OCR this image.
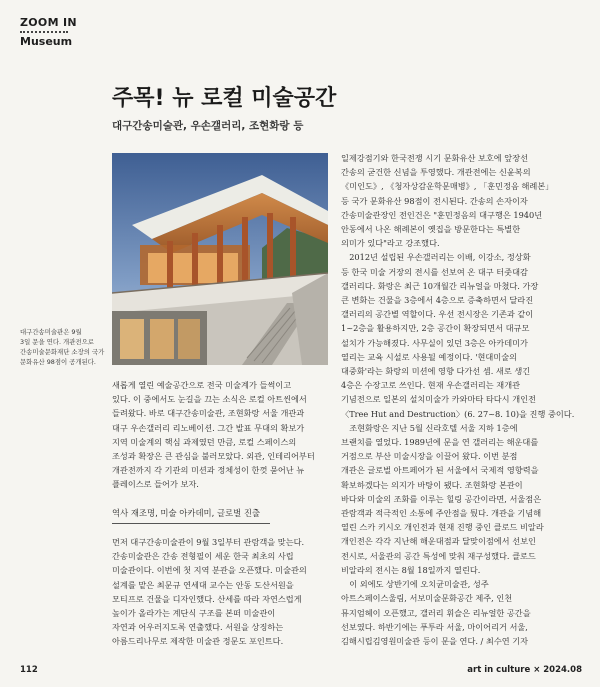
ZOOM IN
Museum
주목! 뉴 로컬 미술공간
대구간송미술관, 우손갤러리, 조현화랑 등
대구간송미술관은 9월
3일 문을 연다. 개관전으로
간송미술문화재단 소장의 국가
문화유산 98점이 공개된다.
새롭게 열린 예술공간으로 전국 미술계가 들썩이고
있다. 이 중에서도 눈길을 끄는 소식은 로컬 아트씬에서
들려왔다. 바로 대구간송미술관, 조현화랑 서울 개관과
대구 우손갤러리 리노베이션. 그간 발표 무대의 확보가
지역 미술계의 핵심 과제였던 만큼, 로컬 스페이스의
조성과 확장은 큰 관심을 불러모았다. 외관, 인테리어부터
개관전까지 각 기관의 미션과 정체성이 한껏 묻어난 뉴
플레이스로 들어가 보자.
역사 재조명, 미술 아카데미, 글로벌 진출
먼저 대구간송미술관이 9월 3일부터 관람객을 맞는다.
간송미술관은 간송 전형필이 세운 한국 최초의 사립
미술관이다. 이번에 첫 지역 분관을 오픈했다. 미술관의
설계를 맡은 최문규 연세대 교수는 안동 도산서원을
모티프로 건물을 디자인했다. 산세를 따라 자연스럽게
높이가 올라가는 계단식 구조를 본떠 미술관이
자연과 어우러지도록 연출했다. 서원을 상징하는
아름드리나무로 제작한 미술관 정문도 포인트다.
일제강점기와 한국전쟁 시기 문화유산 보호에 앞장선
간송의 굳건한 신념을 투영했다. 개관전에는 신윤복의
《미인도》, 《청자상감운학문매병》, 「훈민정음 해례본」
등 국가 문화유산 98점이 전시된다. 간송의 손자이자
간송미술관장인 전인건은 "훈민정음의 대구행은 1940년
안동에서 나온 해례본이 옛집을 방문한다는 특별한
의미가 있다"라고 강조했다.
　2012년 설립된 우손갤러리는 이배, 이강소, 정상화
등 한국 미술 거장의 전시를 선보여 온 대구 터줏대감
갤러리다. 화랑은 최근 10개월간 리뉴얼을 마쳤다. 가장
큰 변화는 건물을 3층에서 4층으로 증축하면서 달라진
갤러리의 공간별 역할이다. 우선 전시장은 기존과 같이
1~2층을 활용하지만, 2층 공간이 확장되면서 대규모
설치가 가능해졌다. 사무실이 있던 3층은 아카데미가
열리는 교육 시설로 사용될 예정이다. '현대미술의
대중화'라는 화랑의 미션에 영향 다가선 셈. 새로 생긴
4층은 수장고로 쓰인다. 현재 우손갤러리는 재개관
기념전으로 일본의 설치미술가 카와마타 타다시 개인전
〈Tree Hut and Destruction〉(6. 27~8. 10)을 진행 중이다.
　조현화랑은 지난 5월 신라호텔 서울 지하 1층에
브랜치를 열었다. 1989년에 문을 연 갤러리는 해운대를
거점으로 부산 미술시장을 이끌어 왔다. 이번 분점
개관은 글로벌 아트페어가 된 서울에서 국제적 영향력을
확보하겠다는 의지가 바탕이 됐다. 조현화랑 본관이
바다와 미술의 조화를 이루는 힐링 공간이라면, 서울점은
관람객과 적극적인 소통에 주안점을 뒀다. 개관을 기념해
열린 스카 키시오 개인전과 현재 진행 중인 클로드 비알라
개인전은 각각 지난해 해운대점과 달맞이점에서 선보인
전시로, 서울관의 공간 특성에 맞춰 재구성했다. 클로드
비알라의 전시는 8월 18일까지 열린다.
　이 외에도 상반기에 오치균미술관, 성주
아트스페이스울림, 서보미술문화공간 제주, 인천
뮤지엄헤이 오픈했고, 갤러리 휘슬은 리뉴얼한 공간을
선보였다. 하반기에는 푸투라 서울, 마이어리거 서울,
김해시립김영원미술관 등이 문을 연다. / 최수연 기자
112	art in culture × 2024.08
